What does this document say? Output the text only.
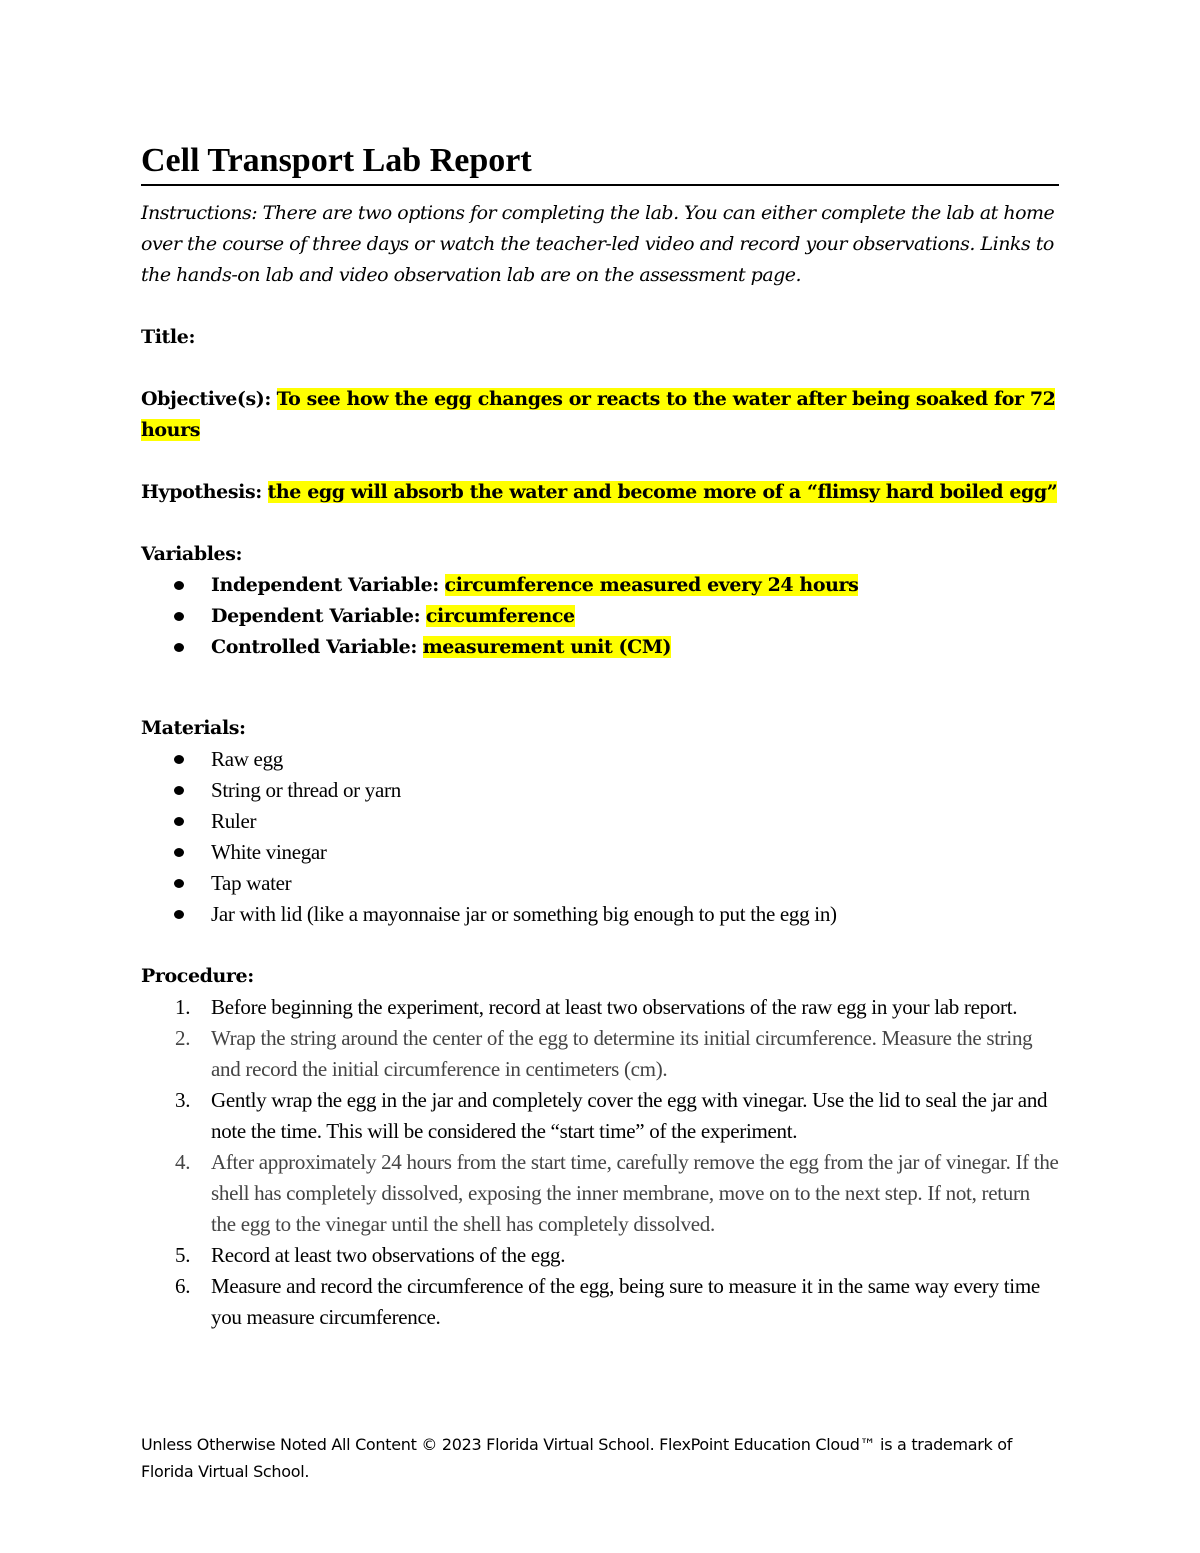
Cell Transport Lab Report

Instructions: There are two options for completing the lab. You can either complete the lab at home over the course of three days or watch the teacher-led video and record your observations. Links to the hands-on lab and video observation lab are on the assessment page.

Title:

Objective(s): To see how the egg changes or reacts to the water after being soaked for 72 hours

Hypothesis: the egg will absorb the water and become more of a “flimsy hard boiled egg”

Variables:

Independent Variable: circumference measured every 24 hours
Dependent Variable: circumference
Controlled Variable: measurement unit (CM)

Materials:

Raw egg
String or thread or yarn
Ruler
White vinegar
Tap water
Jar with lid (like a mayonnaise jar or something big enough to put the egg in)

Procedure:

1. Before beginning the experiment, record at least two observations of the raw egg in your lab report.
2. Wrap the string around the center of the egg to determine its initial circumference. Measure the string and record the initial circumference in centimeters (cm).
3. Gently wrap the egg in the jar and completely cover the egg with vinegar. Use the lid to seal the jar and note the time. This will be considered the “start time” of the experiment.
4. After approximately 24 hours from the start time, carefully remove the egg from the jar of vinegar. If the shell has completely dissolved, exposing the inner membrane, move on to the next step. If not, return the egg to the vinegar until the shell has completely dissolved.
5. Record at least two observations of the egg.
6. Measure and record the circumference of the egg, being sure to measure it in the same way every time you measure circumference.
Unless Otherwise Noted All Content © 2023 Florida Virtual School. FlexPoint Education Cloud™ is a trademark of Florida Virtual School.
